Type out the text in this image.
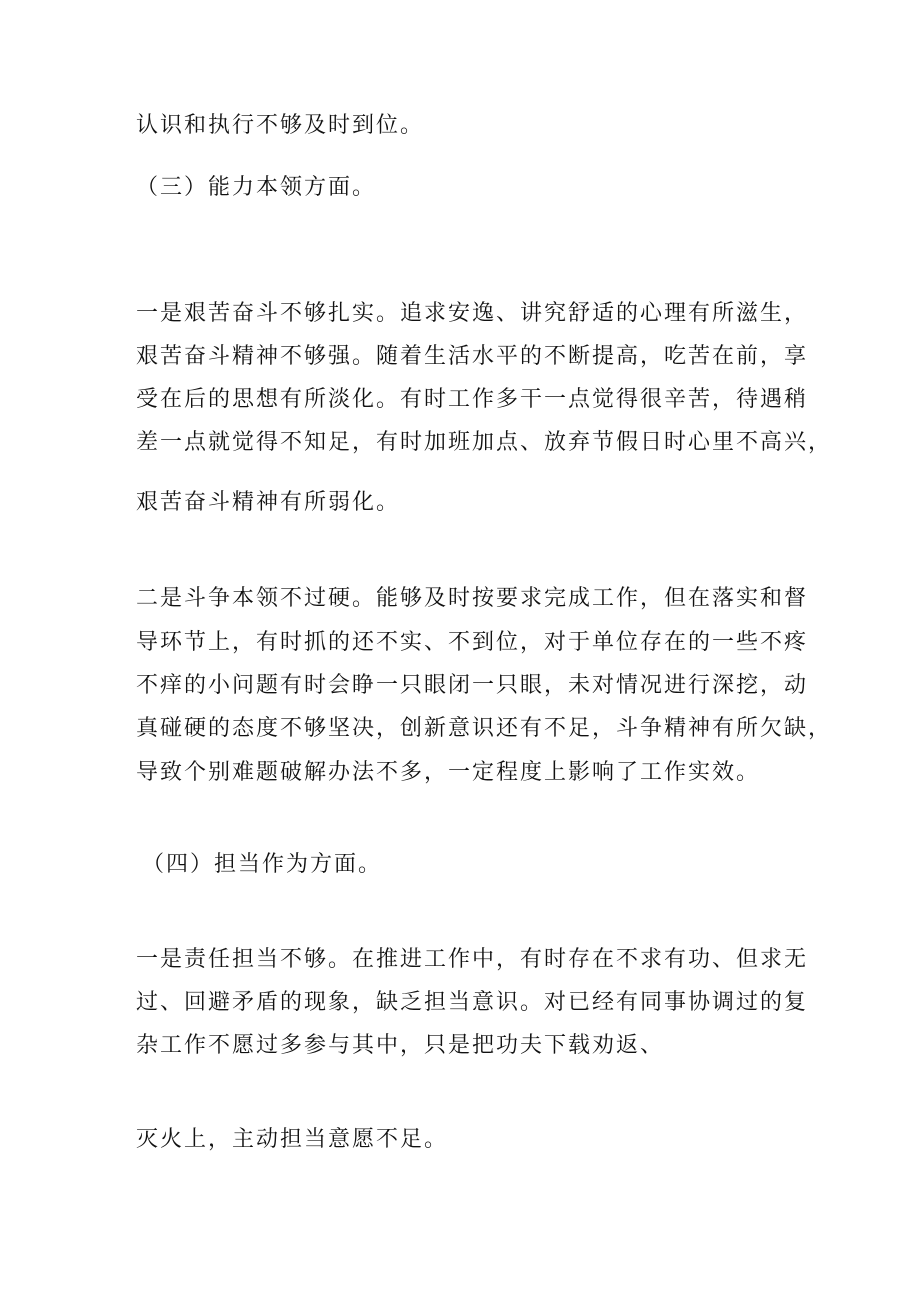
认识和执行不够及时到位。
（三）能力本领方面。
一是艰苦奋斗不够扎实。追求安逸、讲究舒适的心理有所滋生，
艰苦奋斗精神不够强。随着生活水平的不断提高，吃苦在前，享
受在后的思想有所淡化。有时工作多干一点觉得很辛苦，待遇稍
差一点就觉得不知足，有时加班加点、放弃节假日时心里不高兴，
艰苦奋斗精神有所弱化。
二是斗争本领不过硬。能够及时按要求完成工作，但在落实和督
导环节上，有时抓的还不实、不到位，对于单位存在的一些不疼
不痒的小问题有时会睁一只眼闭一只眼，未对情况进行深挖，动
真碰硬的态度不够坚决，创新意识还有不足，斗争精神有所欠缺，
导致个别难题破解办法不多，一定程度上影响了工作实效。
（四）担当作为方面。
一是责任担当不够。在推进工作中，有时存在不求有功、但求无
过、回避矛盾的现象，缺乏担当意识。对已经有同事协调过的复
杂工作不愿过多参与其中，只是把功夫下载劝返、
灭火上，主动担当意愿不足。
